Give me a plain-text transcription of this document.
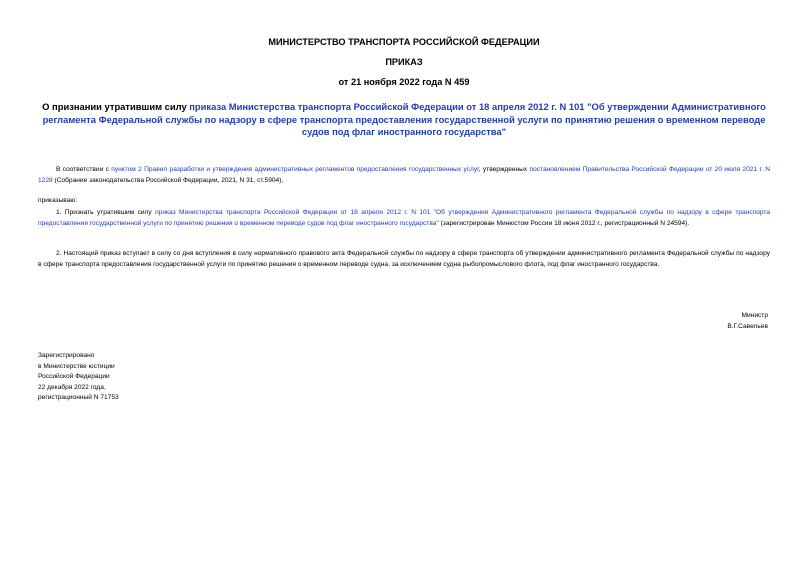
МИНИСТЕРСТВО ТРАНСПОРТА РОССИЙСКОЙ ФЕДЕРАЦИИ
ПРИКАЗ
от 21 ноября 2022 года N 459
О признании утратившим силу приказа Министерства транспорта Российской Федерации от 18 апреля 2012 г. N 101 "Об утверждении Административного регламента Федеральной службы по надзору в сфере транспорта предоставления государственной услуги по принятию решения о временном переводе судов под флаг иностранного государства"
В соответствии с пунктом 2 Правил разработки и утверждения административных регламентов предоставления государственных услуг, утвержденных постановлением Правительства Российской Федерации от 20 июля 2021 г. N 1228 (Собрание законодательства Российской Федерации, 2021, N 31, ст.5904),
приказываю:
1. Признать утратившим силу приказ Министерства транспорта Российской Федерации от 18 апреля 2012 г. N 101 "Об утверждении Административного регламента Федеральной службы по надзору в сфере транспорта предоставления государственной услуги по принятию решения о временном переводе судов под флаг иностранного государства" (зарегистрирован Минюстом России 18 июня 2012 г., регистрационный N 24594).
2. Настоящий приказ вступает в силу со дня вступления в силу нормативного правового акта Федеральной службы по надзору в сфере транспорта об утверждении административного регламента Федеральной службы по надзору в сфере транспорта предоставления государственной услуги по принятию решения о временном переводе судна, за исключением судна рыбопромыслового флота, под флаг иностранного государства.
Министр
В.Г.Савельев
Зарегистрировано
в Министерстве юстиции
Российской Федерации
22 декабря 2022 года,
регистрационный N 71753
